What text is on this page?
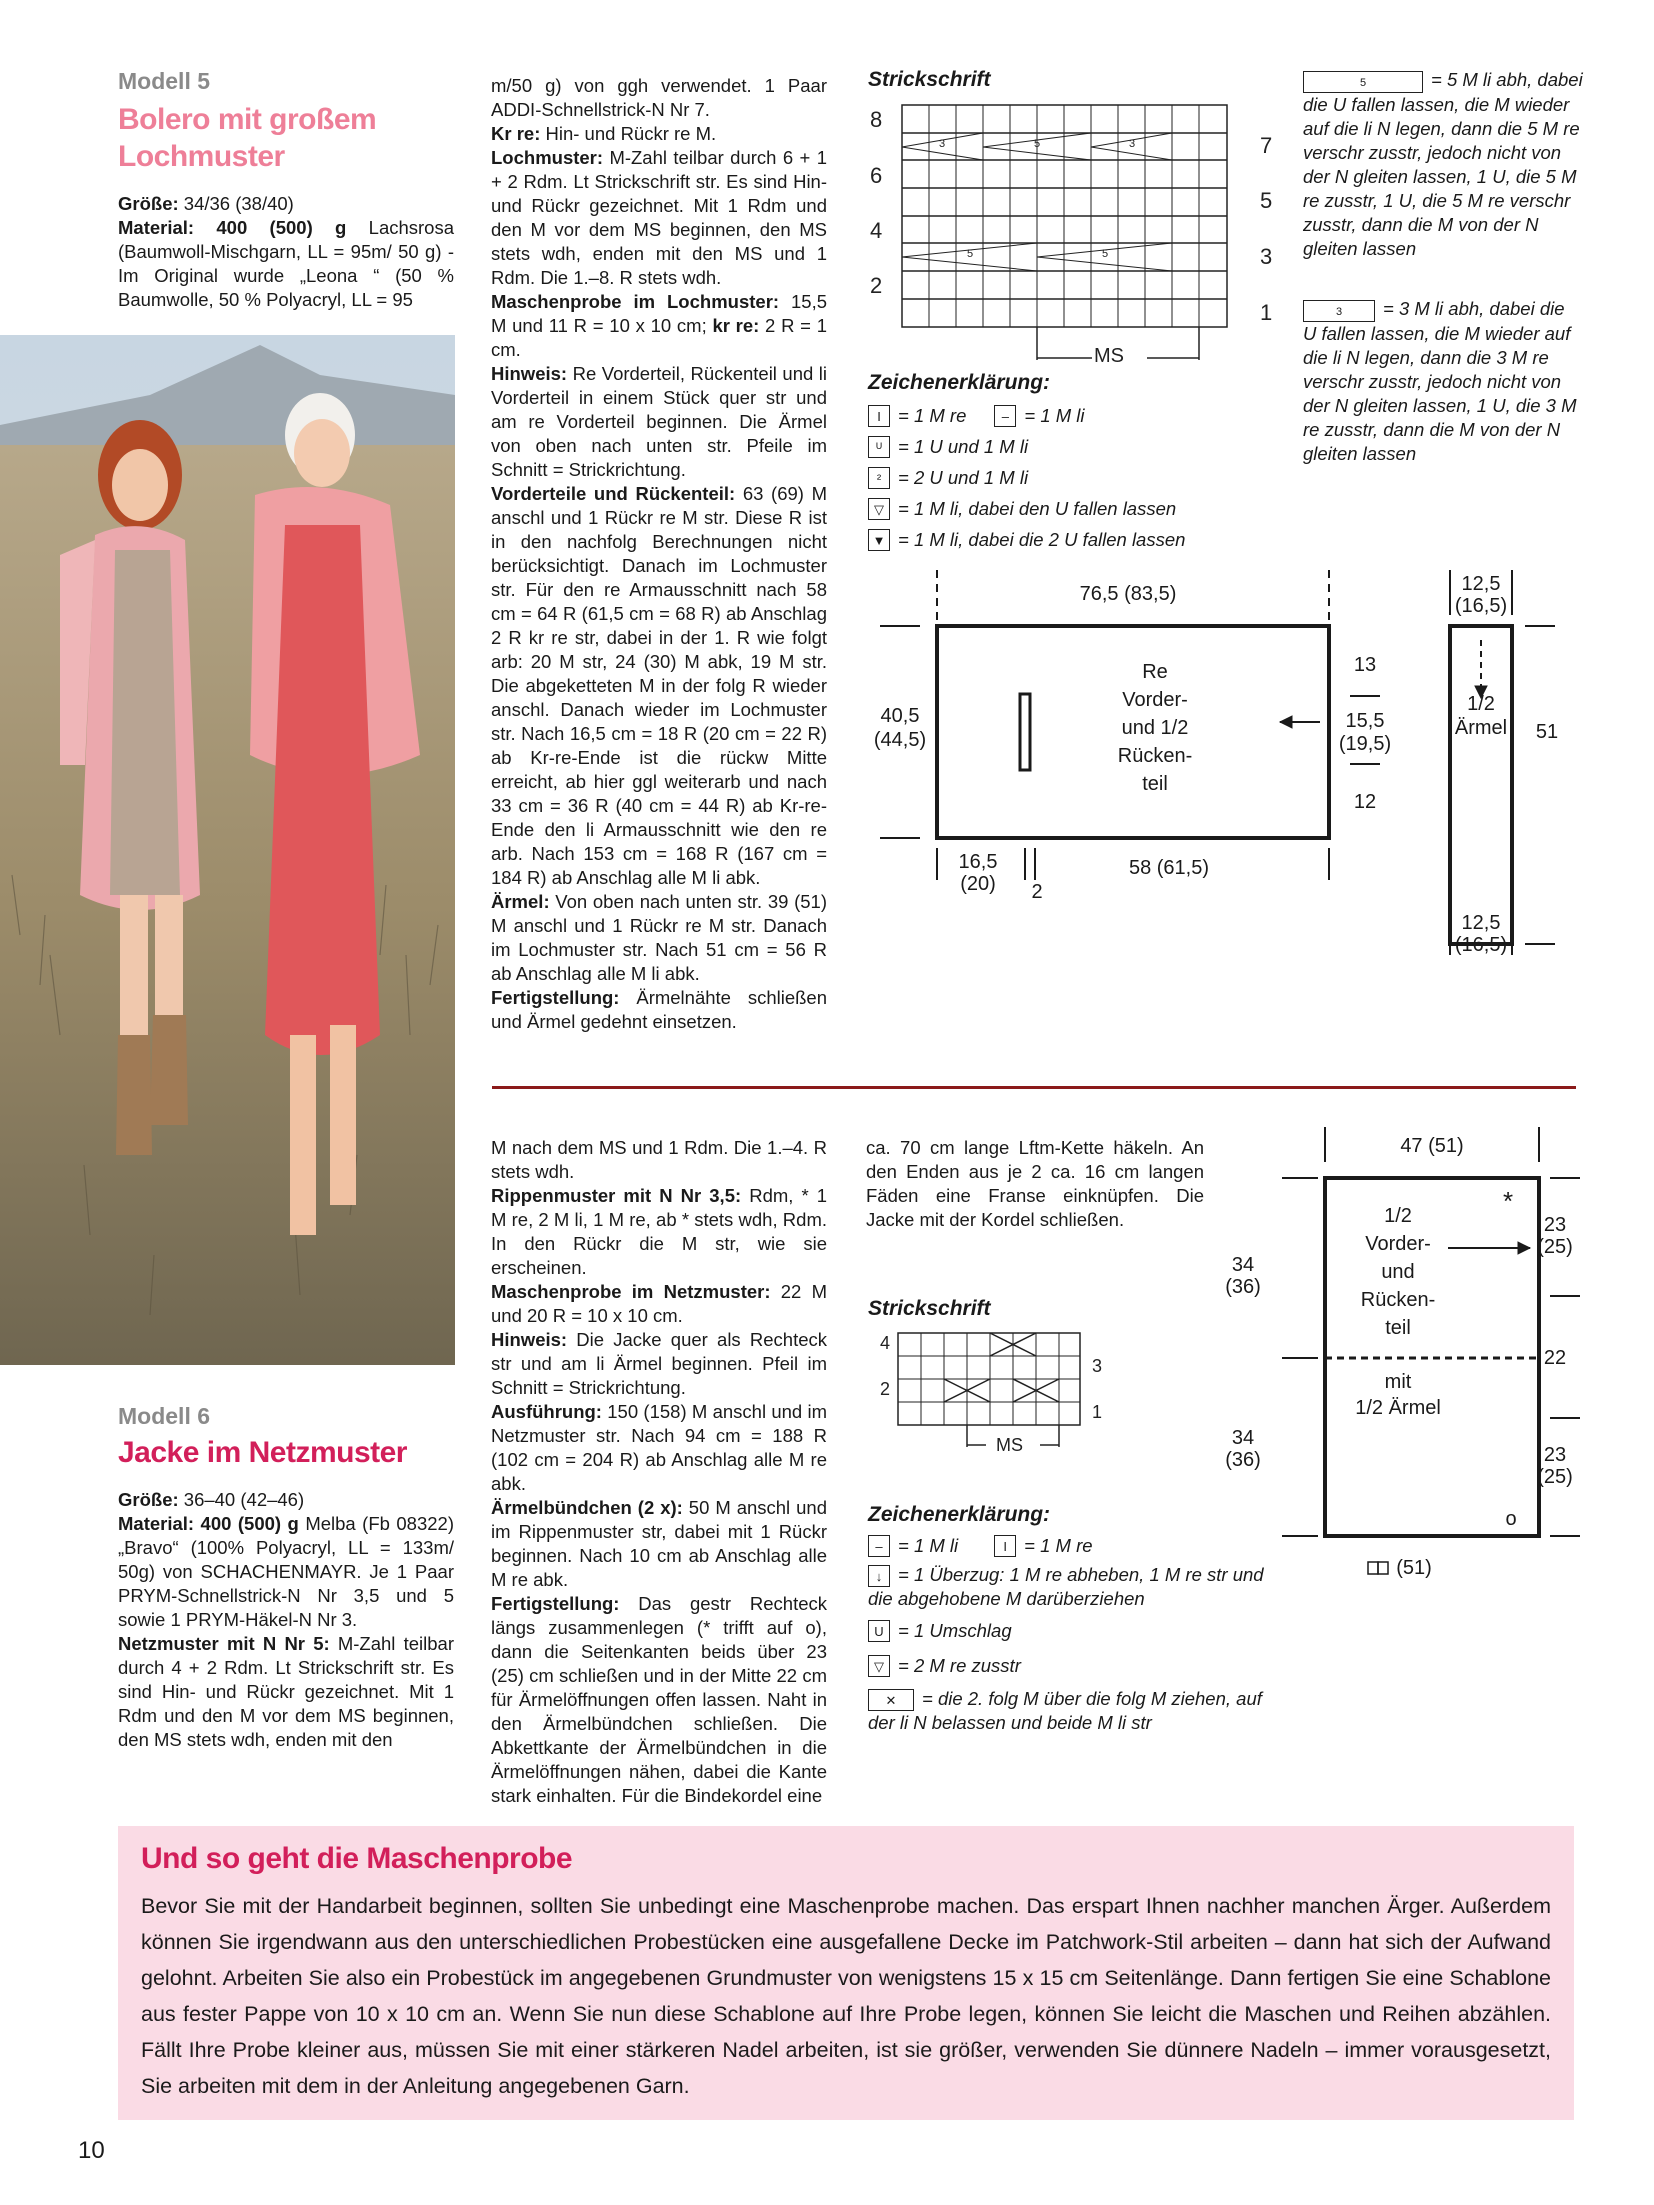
Modell 5
Bolero mit großem
Lochmuster

Größe: 34/36 (38/40)

Material: 400 (500) g Lachsrosa (Baumwoll-Mischgarn, LL = 95m/ 50 g) - Im Original wurde „Leona “ (50 % Baumwolle, 50 % Polyacryl, LL = 95

m/50 g) von ggh verwendet. 1 Paar ADDI-Schnellstrick-N Nr 7.

Kr re: Hin- und Rückr re M.

Lochmuster: M-Zahl teilbar durch 6 + 1 + 2 Rdm. Lt Strickschrift str. Es sind Hin- und Rückr gezeichnet. Mit 1 Rdm und den M vor dem MS beginnen, den MS stets wdh, enden mit den MS und 1 Rdm. Die 1.–8. R stets wdh.

Maschenprobe im Lochmuster: 15,5 M und 11 R = 10 x 10 cm; kr re: 2 R = 1 cm.

Hinweis: Re Vorderteil, Rückenteil und li Vorderteil in einem Stück quer str und am re Vorderteil beginnen. Die Ärmel von oben nach unten str. Pfeile im Schnitt = Strickrichtung.

Vorderteile und Rückenteil: 63 (69) M anschl und 1 Rückr re M str. Diese R ist in den nachfolg Berechnungen nicht berücksichtigt. Danach im Lochmuster str. Für den re Armausschnitt nach 58 cm = 64 R (61,5 cm = 68 R) ab Anschlag 2 R kr re str, dabei in der 1. R wie folgt arb: 20 M str, 24 (30) M abk, 19 M str. Die abgeketteten M in der folg R wieder anschl. Danach wieder im Lochmuster str. Nach 16,5 cm = 18 R (20 cm = 22 R) ab Kr-re-Ende ist die rückw Mitte erreicht, ab hier ggl weiterarb und nach 33 cm = 36 R (40 cm = 44 R) ab Kr-re-Ende den li Armausschnitt wie den re arb. Nach 153 cm = 168 R (167 cm = 184 R) ab Anschlag alle M li abk.

Ärmel: Von oben nach unten str. 39 (51) M anschl und 1 Rückr re M str. Danach im Lochmuster str. Nach 51 cm = 56 R ab Anschlag alle M li abk.

Fertigstellung: Ärmelnähte schließen und Ärmel gedehnt einsetzen.

Strickschrift
3	5	3
5	5
8
6
4
2
7
5
3
1
MS
Zeichenerklärung:
I = 1 M re	– = 1 M li
ᵁ = 1 U und 1 M li
² = 2 U und 1 M li
▽ = 1 M li, dabei den U fallen lassen
▼ = 1 M li, dabei die 2 U fallen lassen
5	= 5 M li abh, dabei die U fallen lassen, die M wieder auf die li N legen, dann die 5 M re verschr zusstr, jedoch nicht von der N gleiten lassen, 1 U, die 5 M re zusstr, 1 U, die 5 M re verschr zusstr, dann die M von der N gleiten lassen
3 = 3 M li abh, dabei die U fallen lassen, die M wieder auf die li N legen, dann die 3 M re verschr zusstr, jedoch nicht von der N gleiten lassen, 1 U, die 3 M re zusstr, dann die M von der N gleiten lassen
76,5 (83,5)
Re
Vorder-
und 1/2
Rücken-
teil
40,5
(44,5)
13
15,5
(19,5)
12
16,5
(20) 2
58 (61,5)
12,5
(16,5)
1/2
Ärmel 51
12,5
(16,5)
Modell 6
Jacke im Netzmuster

Größe: 36–40 (42–46)

Material: 400 (500) g Melba (Fb 08322) „Bravo“ (100% Polyacryl, LL = 133m/ 50g) von SCHACHENMAYR. Je 1 Paar PRYM-Schnellstrick-N Nr 3,5 und 5 sowie 1 PRYM-Häkel-N Nr 3.

Netzmuster mit N Nr 5: M-Zahl teilbar durch 4 + 2 Rdm. Lt Strickschrift str. Es sind Hin- und Rückr gezeichnet. Mit 1 Rdm und den M vor dem MS beginnen, den MS stets wdh, enden mit den

M nach dem MS und 1 Rdm. Die 1.–4. R stets wdh.

Rippenmuster mit N Nr 3,5: Rdm, * 1 M re, 2 M li, 1 M re, ab * stets wdh, Rdm. In den Rückr die M str, wie sie erscheinen.

Maschenprobe im Netzmuster: 22 M und 20 R = 10 x 10 cm.

Hinweis: Die Jacke quer als Rechteck str und am li Ärmel beginnen. Pfeil im Schnitt = Strickrichtung.

Ausführung: 150 (158) M anschl und im Netzmuster str. Nach 94 cm = 188 R (102 cm = 204 R) ab Anschlag alle M re abk.

Ärmelbündchen (2 x): 50 M anschl und im Rippenmuster str, dabei mit 1 Rückr beginnen. Nach 10 cm ab Anschlag alle M re abk.

Fertigstellung: Das gestr Rechteck längs zusammenlegen (* trifft auf o), dann die Seitenkanten beids über 23 (25) cm schließen und in der Mitte 22 cm für Ärmelöffnungen offen lassen. Naht in den Ärmelbündchen schließen. Die Abkettkante der Ärmelbündchen in die Ärmelöffnungen nähen, dabei die Kante stark einhalten. Für die Bindekordel eine

ca. 70 cm lange Lftm-Kette häkeln. An den Enden aus je 2 ca. 16 cm langen Fäden eine Franse einknüpfen. Die Jacke mit der Kordel schließen.
Strickschrift
4
2
3
1
MS
Zeichenerklärung:
– = 1 M li	I = 1 M re
↓ = 1 Überzug: 1 M re abheben, 1 M re str und die abgehobene M darüberziehen
U = 1 Umschlag
▽ = 2 M re zusstr
✕ = die 2. folg M über die folg M ziehen, auf der li N belassen und beide M li str
47 (51)
1/2
Vorder-
und
Rücken-
teil
mit
1/2 Ärmel
34
(36)
34
(36)
23
(25)
22
23
(25)
(51)
*
o
Und so geht die Maschenprobe
Bevor Sie mit der Handarbeit beginnen, sollten Sie unbedingt eine Maschenprobe machen. Das erspart Ihnen nachher manchen Ärger. Außerdem können Sie irgendwann aus den unterschiedlichen Probestücken eine ausgefallene Decke im Patchwork-Stil arbeiten – dann hat sich der Aufwand gelohnt. Arbeiten Sie also ein Probestück im angegebenen Grundmuster von wenigstens 15 x 15 cm Seitenlänge. Dann fertigen Sie eine Schablone aus fester Pappe von 10 x 10 cm an. Wenn Sie nun diese Schablone auf Ihre Probe legen, können Sie leicht die Maschen und Reihen abzählen. Fällt Ihre Probe kleiner aus, müssen Sie mit einer stärkeren Nadel arbeiten, ist sie größer, verwenden Sie dünnere Nadeln – immer vorausgesetzt, Sie arbeiten mit dem in der Anleitung angegebenen Garn.
10
